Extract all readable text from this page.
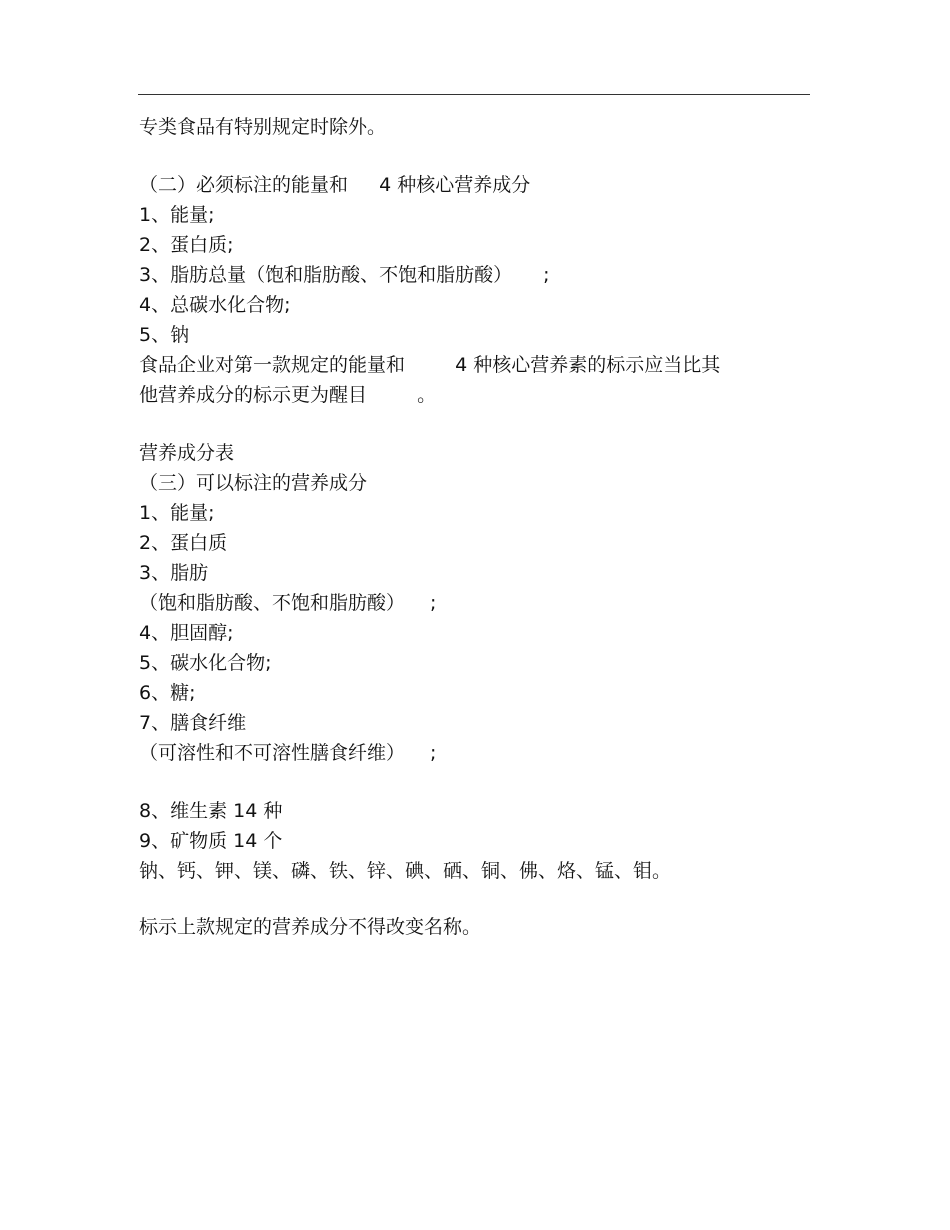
专类食品有特别规定时除外。
（二）必须标注的能量和 　 4 种核心营养成分
1、能量;
2、蛋白质;
3、脂肪总量（饱和脂肪酸、不饱和脂肪酸） 　 ;
4、总碳水化合物;
5、钠
食品企业对第一款规定的能量和 　 　4 种核心营养素的标示应当比其
他营养成分的标示更为醒目 　 　。
营养成分表
（三）可以标注的营养成分
1、能量;
2、蛋白质
3、脂肪
（饱和脂肪酸、不饱和脂肪酸） 　;
4、胆固醇;
5、碳水化合物;
6、糖;
7、膳食纤维
（可溶性和不可溶性膳食纤维） 　;
8、维生素 14 种
9、矿物质 14 个
钠、钙、钾、镁、磷、铁、锌、碘、硒、铜、佛、烙、锰、钼。
标示上款规定的营养成分不得改变名称。
